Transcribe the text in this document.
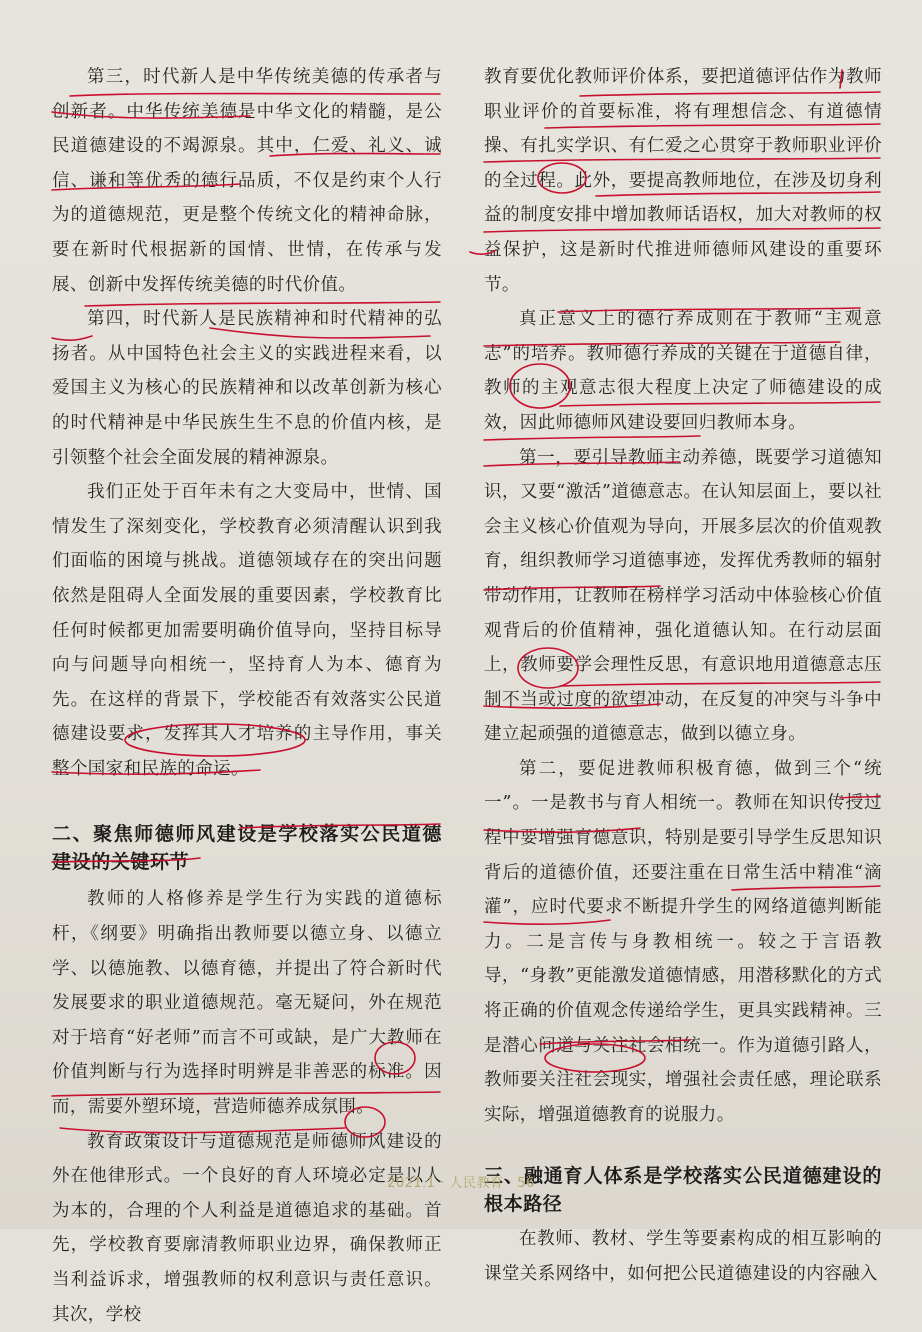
第三，时代新人是中华传统美德的传承者与创新者。中华传统美德是中华文化的精髓，是公民道德建设的不竭源泉。其中，仁爱、礼义、诚信、谦和等优秀的德行品质，不仅是约束个人行为的道德规范，更是整个传统文化的精神命脉，要在新时代根据新的国情、世情，在传承与发展、创新中发挥传统美德的时代价值。

第四，时代新人是民族精神和时代精神的弘扬者。从中国特色社会主义的实践进程来看，以爱国主义为核心的民族精神和以改革创新为核心的时代精神是中华民族生生不息的价值内核，是引领整个社会全面发展的精神源泉。

我们正处于百年未有之大变局中，世情、国情发生了深刻变化，学校教育必须清醒认识到我们面临的困境与挑战。道德领域存在的突出问题依然是阻碍人全面发展的重要因素，学校教育比任何时候都更加需要明确价值导向，坚持目标导向与问题导向相统一，坚持育人为本、德育为先。在这样的背景下，学校能否有效落实公民道德建设要求，发挥其人才培养的主导作用，事关整个国家和民族的命运。

二、聚焦师德师风建设是学校落实公民道德建设的关键环节

教师的人格修养是学生行为实践的道德标杆，《纲要》明确指出教师要以德立身、以德立学、以德施教、以德育德，并提出了符合新时代发展要求的职业道德规范。毫无疑问，外在规范对于培育“好老师”而言不可或缺，是广大教师在价值判断与行为选择时明辨是非善恶的标准。因而，需要外塑环境，营造师德养成氛围。

教育政策设计与道德规范是师德师风建设的外在他律形式。一个良好的育人环境必定是以人为本的，合理的个人利益是道德追求的基础。首先，学校教育要廓清教师职业边界，确保教师正当利益诉求，增强教师的权利意识与责任意识。其次，学校

教育要优化教师评价体系，要把道德评估作为教师职业评价的首要标准，将有理想信念、有道德情操、有扎实学识、有仁爱之心贯穿于教师职业评价的全过程。此外，要提高教师地位，在涉及切身利益的制度安排中增加教师话语权，加大对教师的权益保护，这是新时代推进师德师风建设的重要环节。

真正意义上的德行养成则在于教师“主观意志”的培养。教师德行养成的关键在于道德自律，教师的主观意志很大程度上决定了师德建设的成效，因此师德师风建设要回归教师本身。

第一，要引导教师主动养德，既要学习道德知识，又要“激活”道德意志。在认知层面上，要以社会主义核心价值观为导向，开展多层次的价值观教育，组织教师学习道德事迹，发挥优秀教师的辐射带动作用，让教师在榜样学习活动中体验核心价值观背后的价值精神，强化道德认知。在行动层面上，教师要学会理性反思，有意识地用道德意志压制不当或过度的欲望冲动，在反复的冲突与斗争中建立起顽强的道德意志，做到以德立身。

第二，要促进教师积极育德，做到三个“统一”。一是教书与育人相统一。教师在知识传授过程中要增强育德意识，特别是要引导学生反思知识背后的道德价值，还要注重在日常生活中精准“滴灌”，应时代要求不断提升学生的网络道德判断能力。二是言传与身教相统一。较之于言语教导，“身教”更能激发道德情感，用潜移默化的方式将正确的价值观念传递给学生，更具实践精神。三是潜心问道与关注社会相统一。作为道德引路人，教师要关注社会现实，增强社会责任感，理论联系实际，增强道德教育的说服力。

三、融通育人体系是学校落实公民道德建设的根本路径

在教师、教材、学生等要素构成的相互影响的课堂关系网络中，如何把公民道德建设的内容融入

2021.1 · 人民教育 · 56
